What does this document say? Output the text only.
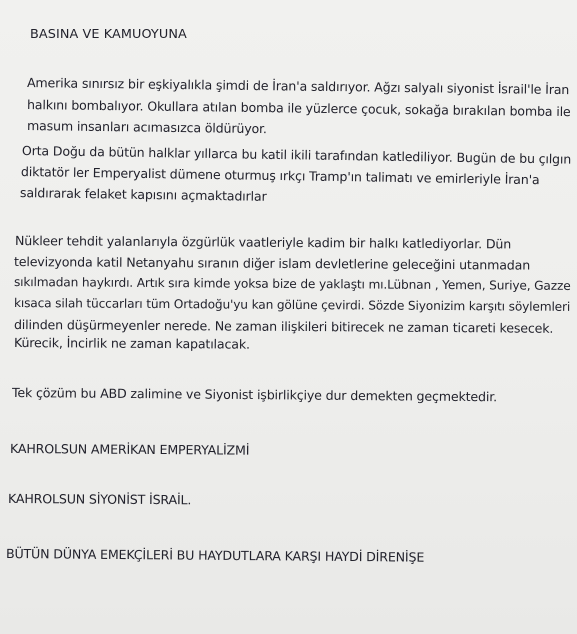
BASINA VE KAMUOYUNA
Amerika sınırsız bir eşkiyalıkla şimdi de İran'a saldırıyor. Ağzı salyalı siyonist İsrail'le İran
halkını bombalıyor. Okullara atılan bomba ile yüzlerce çocuk, sokağa bırakılan bomba ile
masum insanları acımasızca öldürüyor.
Orta Doğu da bütün halklar yıllarca bu katil ikili tarafından katlediliyor. Bugün de bu çılgın
diktatör ler Emperyalist dümene oturmuş ırkçı Tramp'ın talimatı ve emirleriyle İran'a
saldırarak felaket kapısını açmaktadırlar
Nükleer tehdit yalanlarıyla özgürlük vaatleriyle kadim bir halkı katlediyorlar. Dün
televizyonda katil Netanyahu sıranın diğer islam devletlerine geleceğini utanmadan
sıkılmadan haykırdı. Artık sıra kimde yoksa bize de yaklaştı mı.Lübnan , Yemen, Suriye, Gazze
kısaca silah tüccarları tüm Ortadoğu'yu kan gölüne çevirdi. Sözde Siyonizim karşıtı söylemleri
dilinden düşürmeyenler nerede. Ne zaman ilişkileri bitirecek ne zaman ticareti kesecek.
Kürecik, İncirlik ne zaman kapatılacak.
Tek çözüm bu ABD zalimine ve Siyonist işbirlikçiye dur demekten geçmektedir.
KAHROLSUN AMERİKAN EMPERYALİZMİ
KAHROLSUN SİYONİST İSRAİL.
BÜTÜN DÜNYA EMEKÇİLERİ BU HAYDUTLARA KARŞI HAYDİ DİRENİŞE
